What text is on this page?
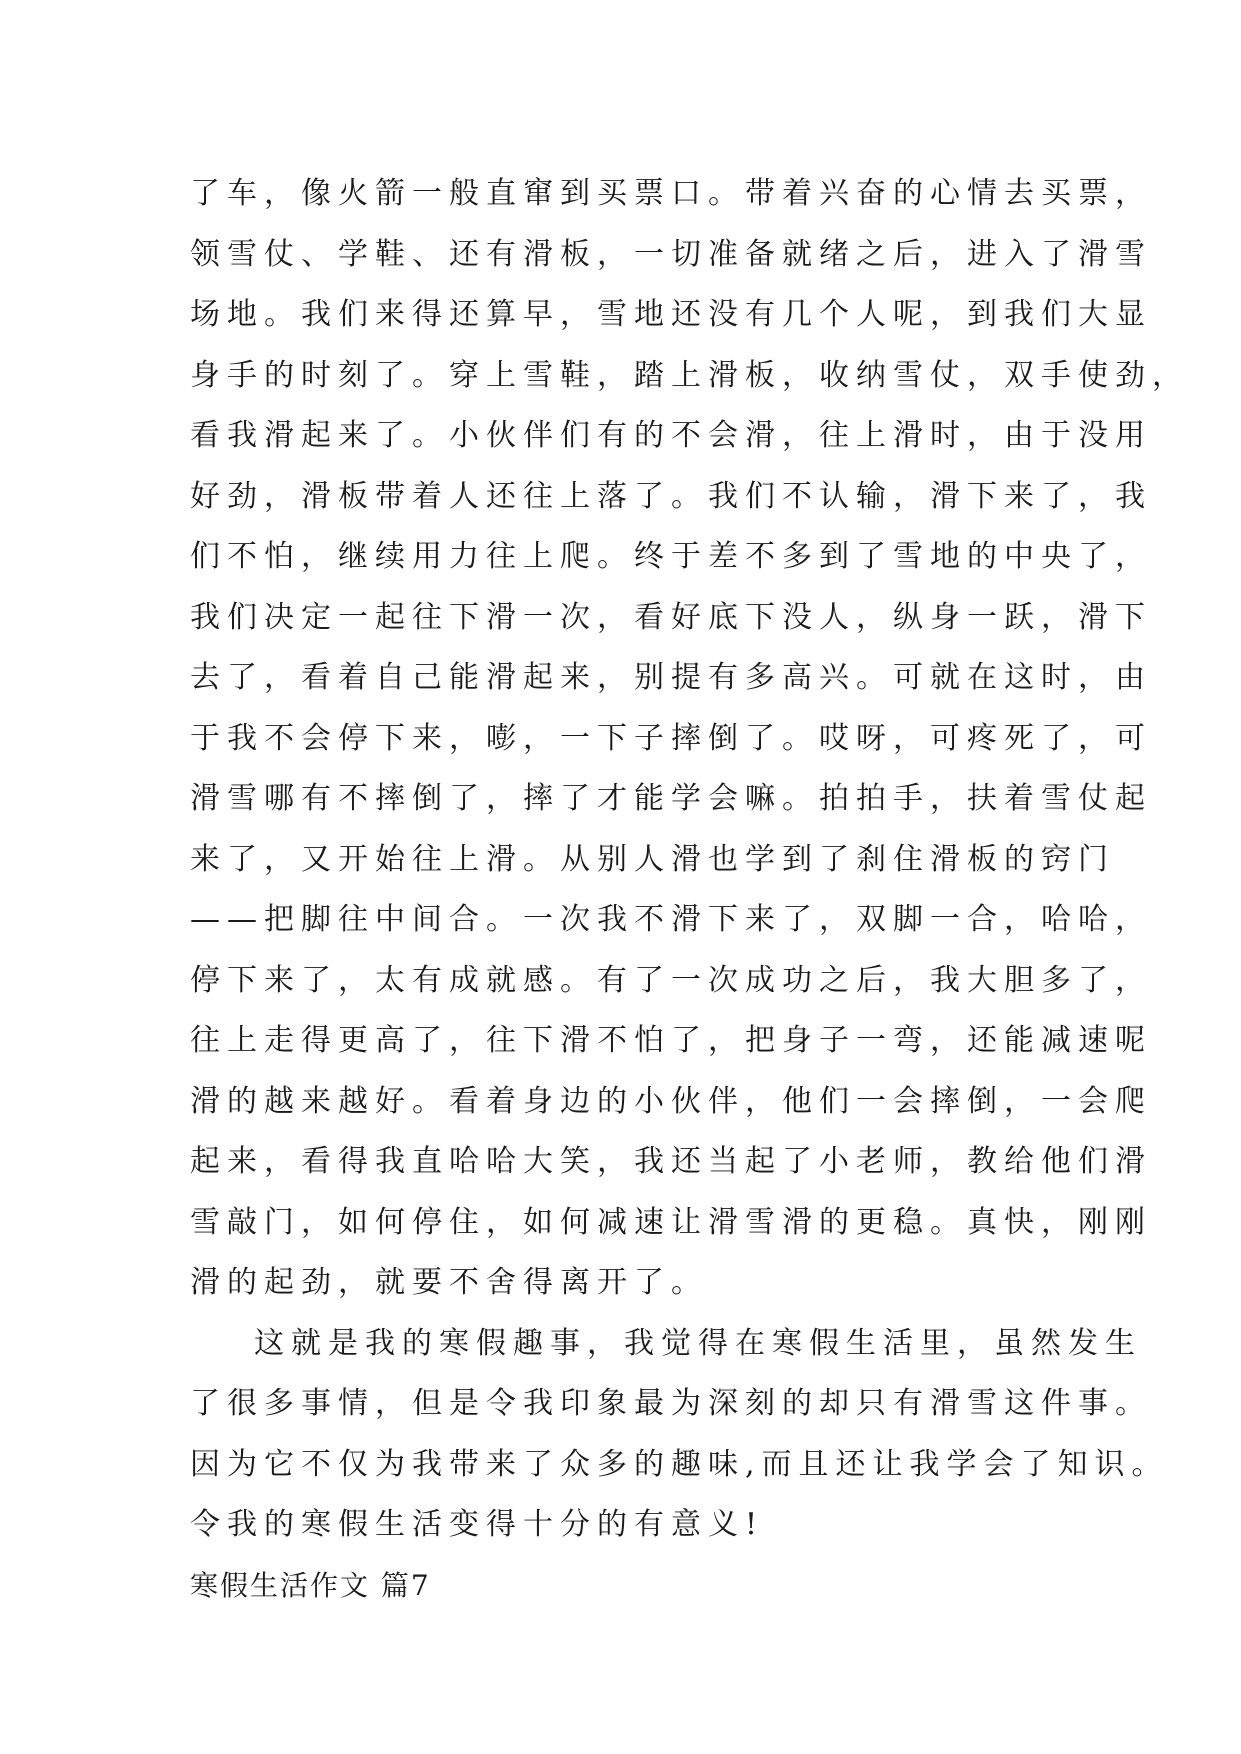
了车，像火箭一般直窜到买票口。带着兴奋的心情去买票，
领雪仗、学鞋、还有滑板，一切准备就绪之后，进入了滑雪
场地。我们来得还算早，雪地还没有几个人呢，到我们大显
身手的时刻了。穿上雪鞋，踏上滑板，收纳雪仗，双手使劲，
看我滑起来了。小伙伴们有的不会滑，往上滑时，由于没用
好劲，滑板带着人还往上落了。我们不认输，滑下来了，我
们不怕，继续用力往上爬。终于差不多到了雪地的中央了，
我们决定一起往下滑一次，看好底下没人，纵身一跃，滑下
去了，看着自己能滑起来，别提有多高兴。可就在这时，由
于我不会停下来，嘭，一下子摔倒了。哎呀，可疼死了，可
滑雪哪有不摔倒了，摔了才能学会嘛。拍拍手，扶着雪仗起
来了，又开始往上滑。从别人滑也学到了刹住滑板的窍门
——把脚往中间合。一次我不滑下来了，双脚一合，哈哈，
停下来了，太有成就感。有了一次成功之后，我大胆多了，
往上走得更高了，往下滑不怕了，把身子一弯，还能减速呢
滑的越来越好。看着身边的小伙伴，他们一会摔倒，一会爬
起来，看得我直哈哈大笑，我还当起了小老师，教给他们滑
雪敲门，如何停住，如何减速让滑雪滑的更稳。真快，刚刚
滑的起劲，就要不舍得离开了。
这就是我的寒假趣事，我觉得在寒假生活里，虽然发生
了很多事情，但是令我印象最为深刻的却只有滑雪这件事。
因为它不仅为我带来了众多的趣味,而且还让我学会了知识。
令我的寒假生活变得十分的有意义!
寒假生活作文 篇7
